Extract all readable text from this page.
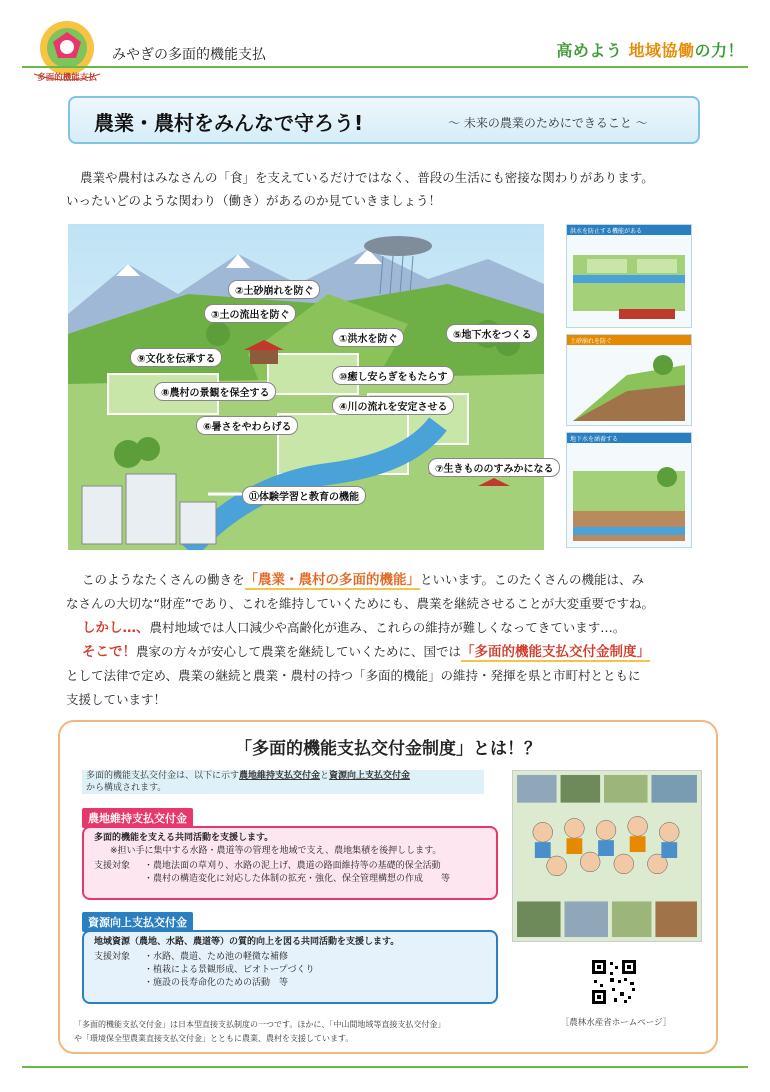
多面的機能支払
みやぎの多面的機能支払	高めよう 地域協働の力！
農業・農村をみんなで守ろう!	〜 未来の農業のためにできること 〜
農業や農村はみなさんの「食」を支えているだけではなく、普段の生活にも密接な関わりがあります。
いったいどのような関わり（働き）があるのか見ていきましょう！
②土砂崩れを防ぐ
③土の流出を防ぐ
①洪水を防ぐ	⑤地下水をつくる
⑨文化を伝承する
⑩癒し安らぎをもたらす
⑧農村の景観を保全する
④川の流れを安定させる
⑥暑さをやわらげる
⑦生きもののすみかになる
⑪体験学習と教育の機能
洪水を防止する機能がある
土砂崩れを防ぐ
地下水を涵養する
このようなたくさんの働きを「農業・農村の多面的機能」といいます。このたくさんの機能は、み
なさんの大切な“財産”であり、これを維持していくためにも、農業を継続させることが大変重要ですね。
しかし…、農村地域では人口減少や高齢化が進み、これらの維持が難しくなってきています…。
そこで！農家の方々が安心して農業を継続していくために、国では「多面的機能支払交付金制度」
として法律で定め、農業の継続と農業・農村の持つ「多面的機能」の維持・発揮を県と市町村とともに
支援しています！
「多面的機能支払交付金制度」とは！？
多面的機能支払交付金は、以下に示す農地維持支払交付金と資源向上支払交付金
から構成されます。
農地維持支払交付金
多面的機能を支える共同活動を支援します。
※担い手に集中する水路・農道等の管理を地域で支え、農地集積を後押しします。
支援対象	・農地法面の草刈り、水路の泥上げ、農道の路面維持等の基礎的保全活動
・農村の構造変化に対応した体制の拡充・強化、保全管理構想の作成　　等
資源向上支払交付金
地域資源（農地、水路、農道等）の質的向上を図る共同活動を支援します。
支援対象	・水路、農道、ため池の軽微な補修
・植栽による景観形成、ビオトープづくり
・施設の長寿命化のための活動　等
「多面的機能支払交付金」は日本型直接支払制度の一つです。ほかに、「中山間地域等直接支払交付金」
や「環境保全型農業直接支払交付金」とともに農業、農村を支援しています。
［農林水産省ホームページ］
